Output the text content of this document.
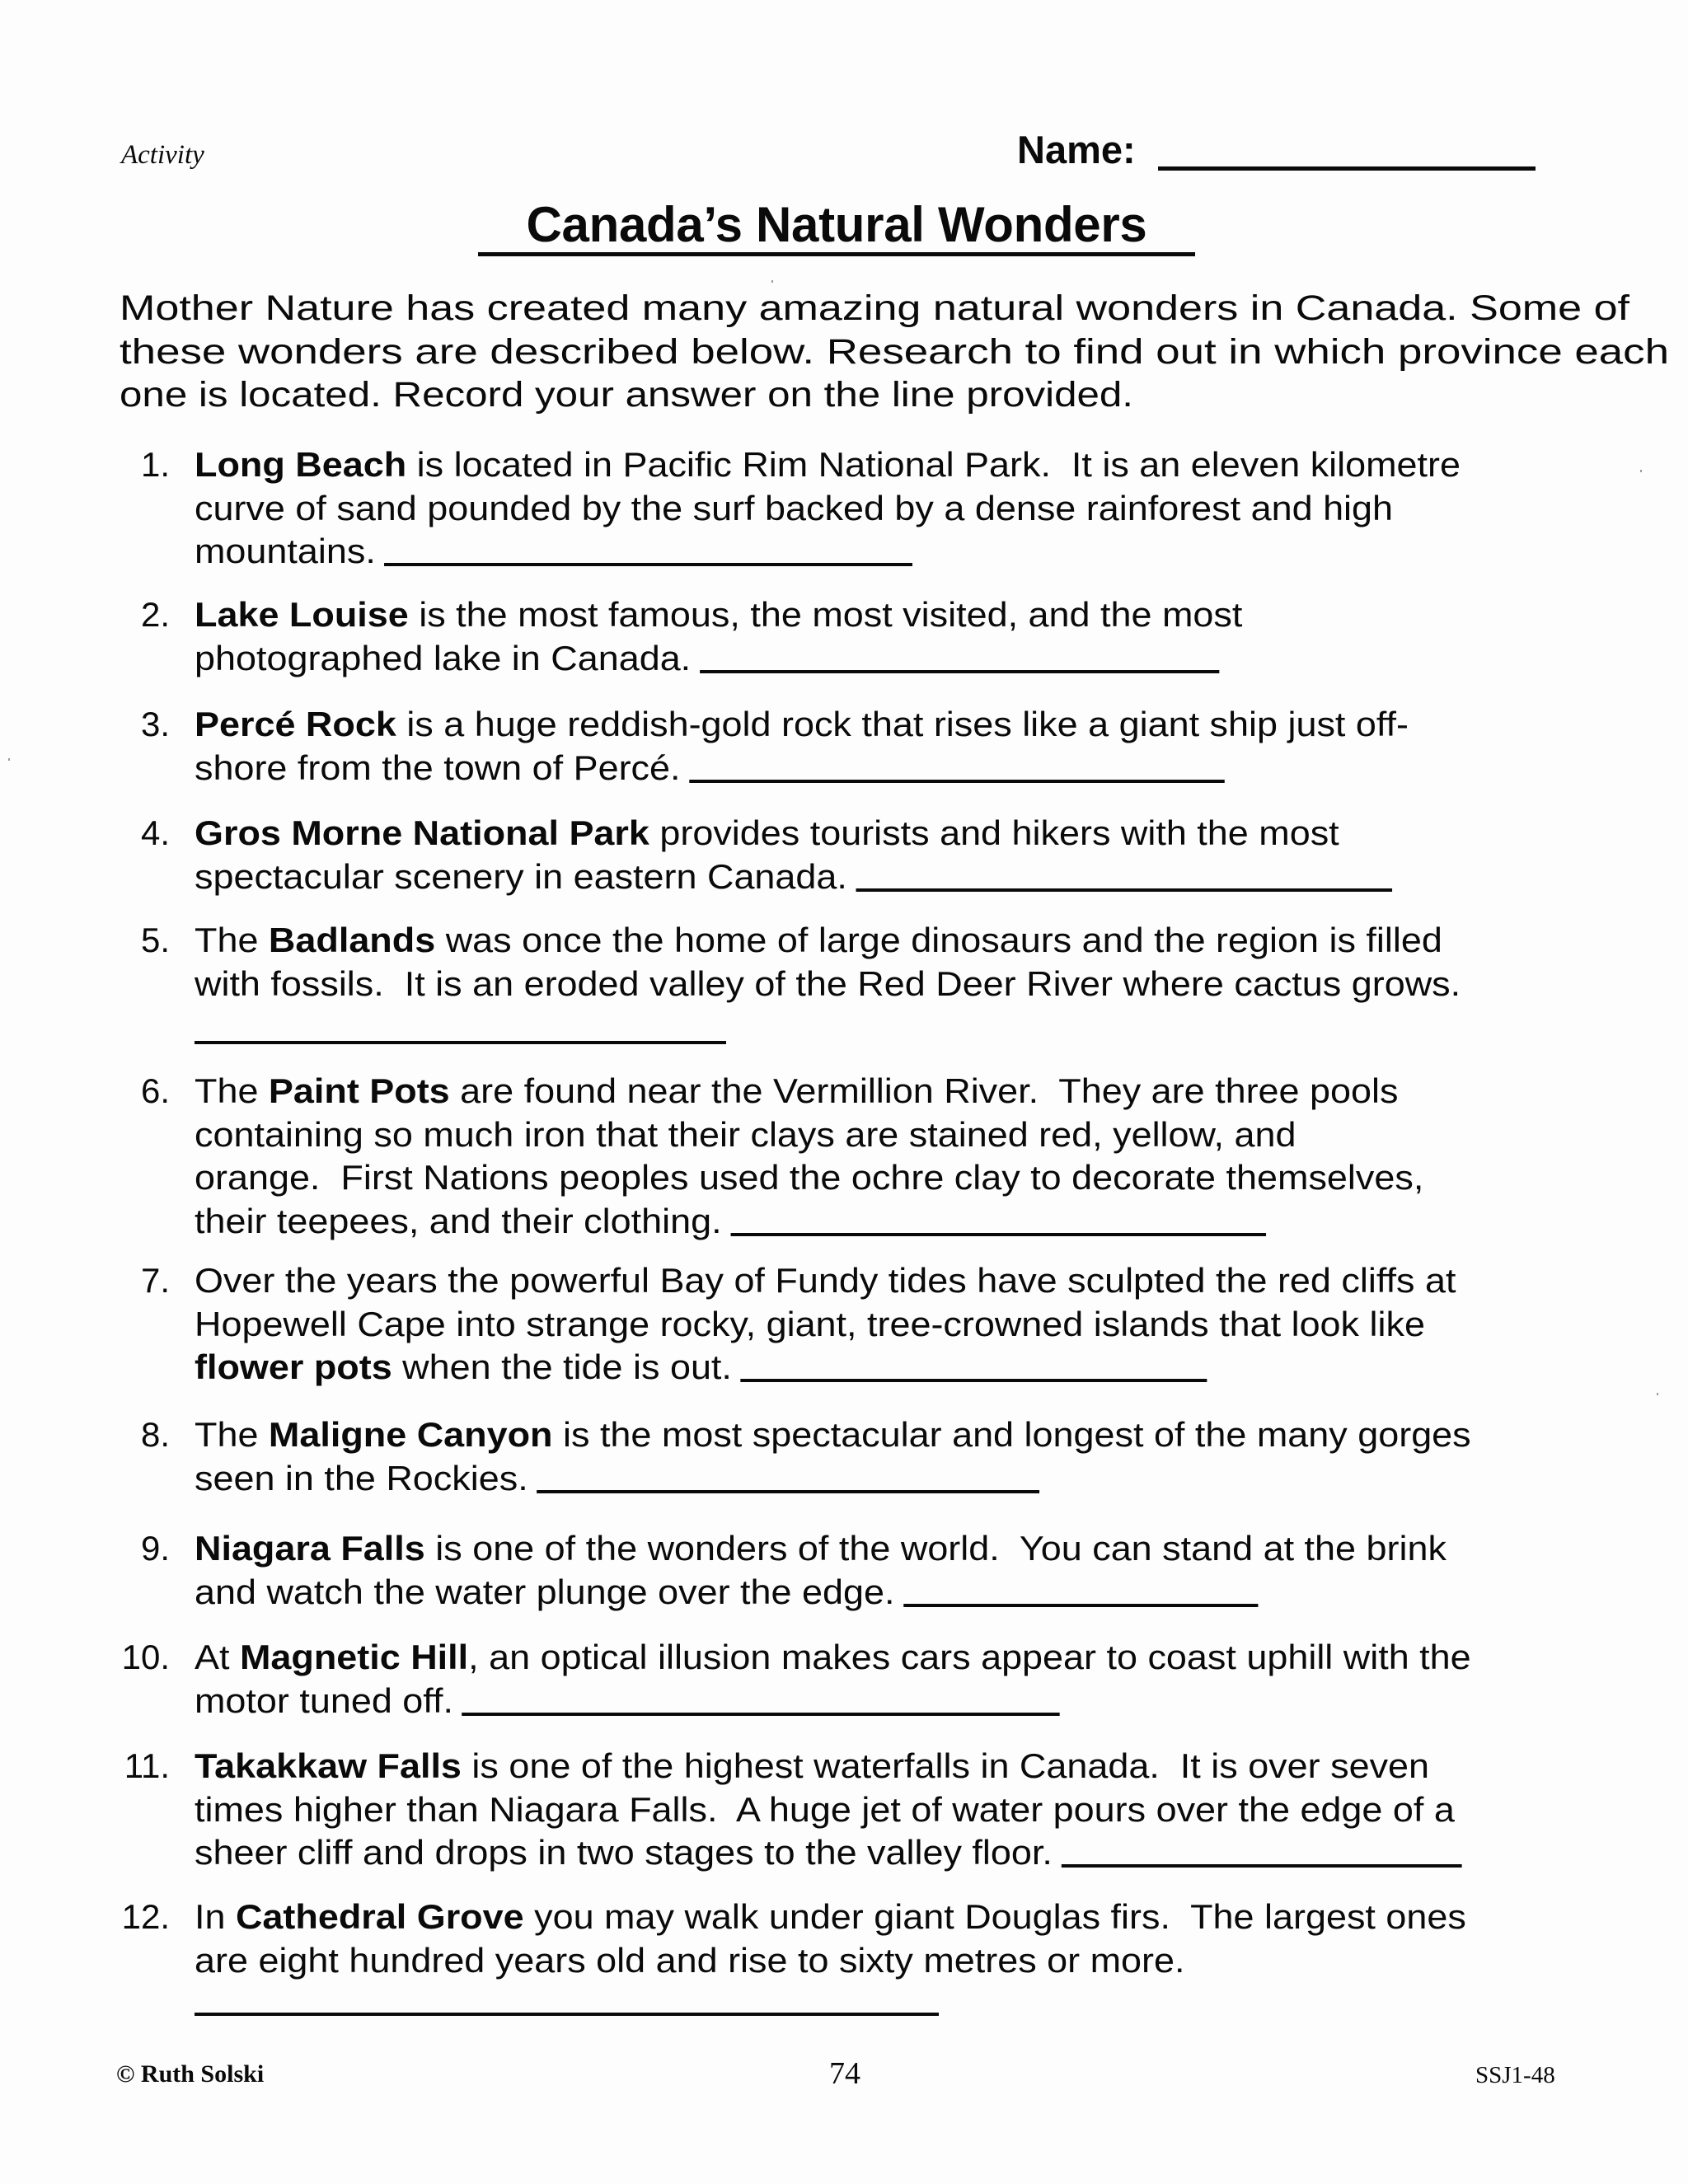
Activity	Name:
Canada’s Natural Wonders
Mother Nature has created many amazing natural wonders in Canada. Some of
these wonders are described below. Research to find out in which province each
one is located. Record your answer on the line provided.
1. Long Beach is located in Pacific Rim National Park.  It is an eleven kilometre
curve of sand pounded by the surf backed by a dense rainforest and high
mountains.
2. Lake Louise is the most famous, the most visited, and the most
photographed lake in Canada.
3. Percé Rock is a huge reddish-gold rock that rises like a giant ship just off-
shore from the town of Percé.
4. Gros Morne National Park provides tourists and hikers with the most
spectacular scenery in eastern Canada.
5. The Badlands was once the home of large dinosaurs and the region is filled
with fossils.  It is an eroded valley of the Red Deer River where cactus grows.
6. The Paint Pots are found near the Vermillion River.  They are three pools
containing so much iron that their clays are stained red, yellow, and
orange.  First Nations peoples used the ochre clay to decorate themselves,
their teepees, and their clothing.
7. Over the years the powerful Bay of Fundy tides have sculpted the red cliffs at
Hopewell Cape into strange rocky, giant, tree-crowned islands that look like
flower pots when the tide is out.
8. The Maligne Canyon is the most spectacular and longest of the many gorges
seen in the Rockies.
9. Niagara Falls is one of the wonders of the world.  You can stand at the brink
and watch the water plunge over the edge.
10. At Magnetic Hill, an optical illusion makes cars appear to coast uphill with the
motor tuned off.
11. Takakkaw Falls is one of the highest waterfalls in Canada.  It is over seven
times higher than Niagara Falls.  A huge jet of water pours over the edge of a
sheer cliff and drops in two stages to the valley floor.
12. In Cathedral Grove you may walk under giant Douglas firs.  The largest ones
are eight hundred years old and rise to sixty metres or more.
© Ruth Solski	74	SSJ1-48
